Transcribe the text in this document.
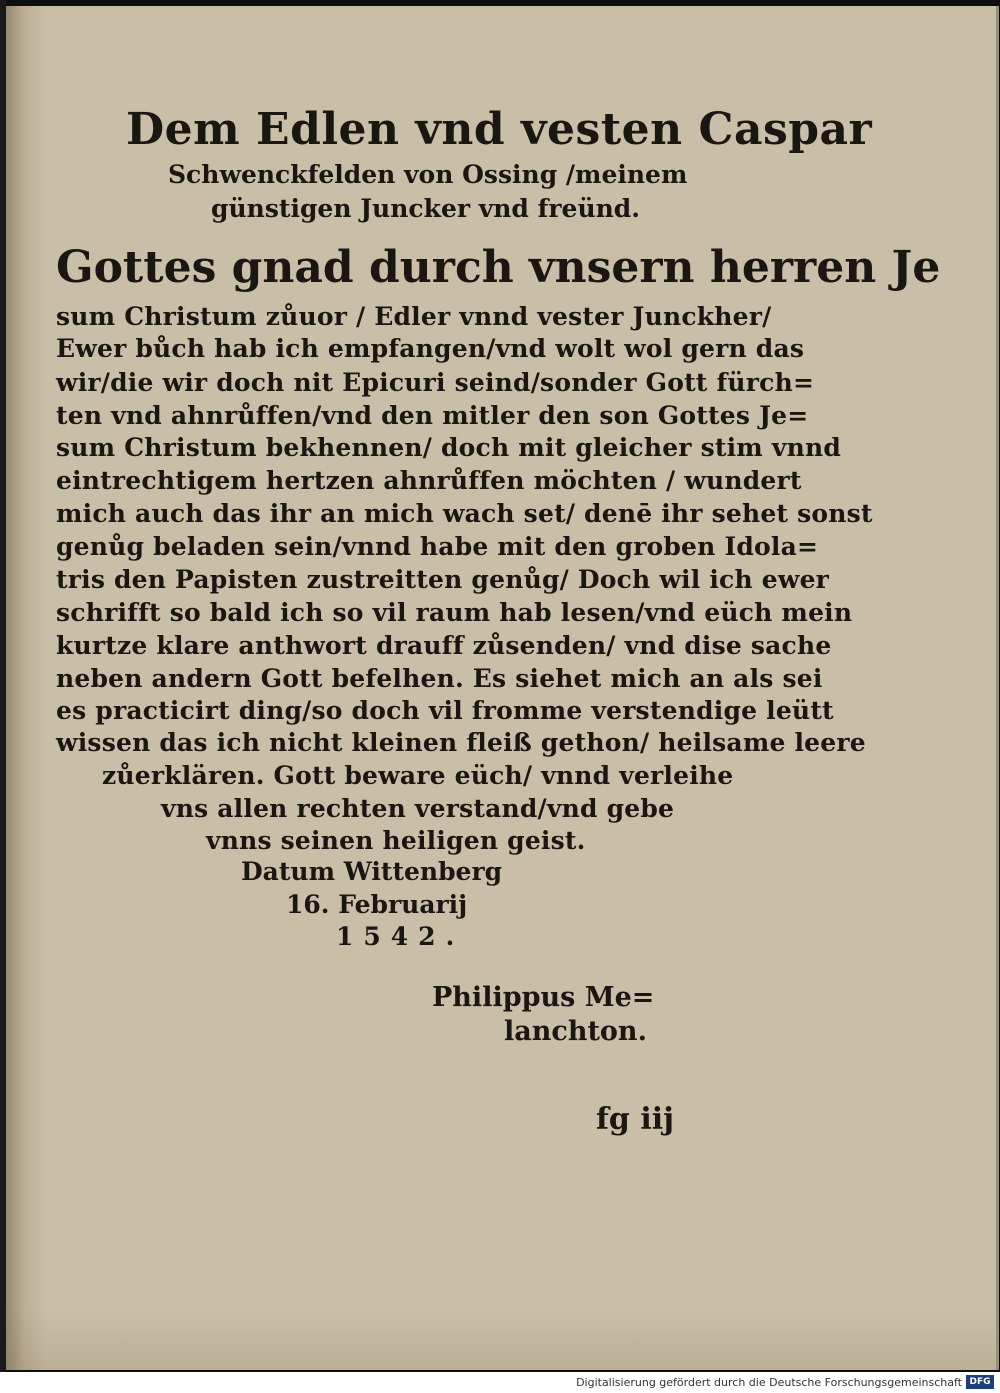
Dem Edlen vnd vesten Caspar
Schwenckfelden von Ossing /meinem
günstigen Juncker vnd freünd.
Gottes gnad durch vnsern herren Je
sum Christum zůuor / Edler vnnd vester Junckher/
Ewer bůch hab ich empfangen/vnd wolt wol gern das
wir/die wir doch nit Epicuri seind/sonder Gott fürch=
ten vnd ahnrůffen/vnd den mitler den son Gottes Je=
sum Christum bekhennen/ doch mit gleicher stim vnnd
eintrechtigem hertzen ahnrůffen möchten / wundert
mich auch das ihr an mich wach set/ denē ihr sehet sonst
genůg beladen sein/vnnd habe mit den groben Idola=
tris den Papisten zustreitten genůg/ Doch wil ich ewer
schrifft so bald ich so vil raum hab lesen/vnd eüch mein
kurtze klare anthwort drauff zůsenden/ vnd dise sache
neben andern Gott befelhen. Es siehet mich an als sei
es practicirt ding/so doch vil fromme verstendige leütt
wissen das ich nicht kleinen fleiß gethon/ heilsame leere
zůerklären. Gott beware eüch/ vnnd verleihe
vns allen rechten verstand/vnd gebe
vnns seinen heiligen geist.
Datum Wittenberg
16. Februarij
1542.
Philippus Me=
lanchton.
fg iij
Digitalisierung gefördert durch die Deutsche Forschungsgemeinschaft DFG
